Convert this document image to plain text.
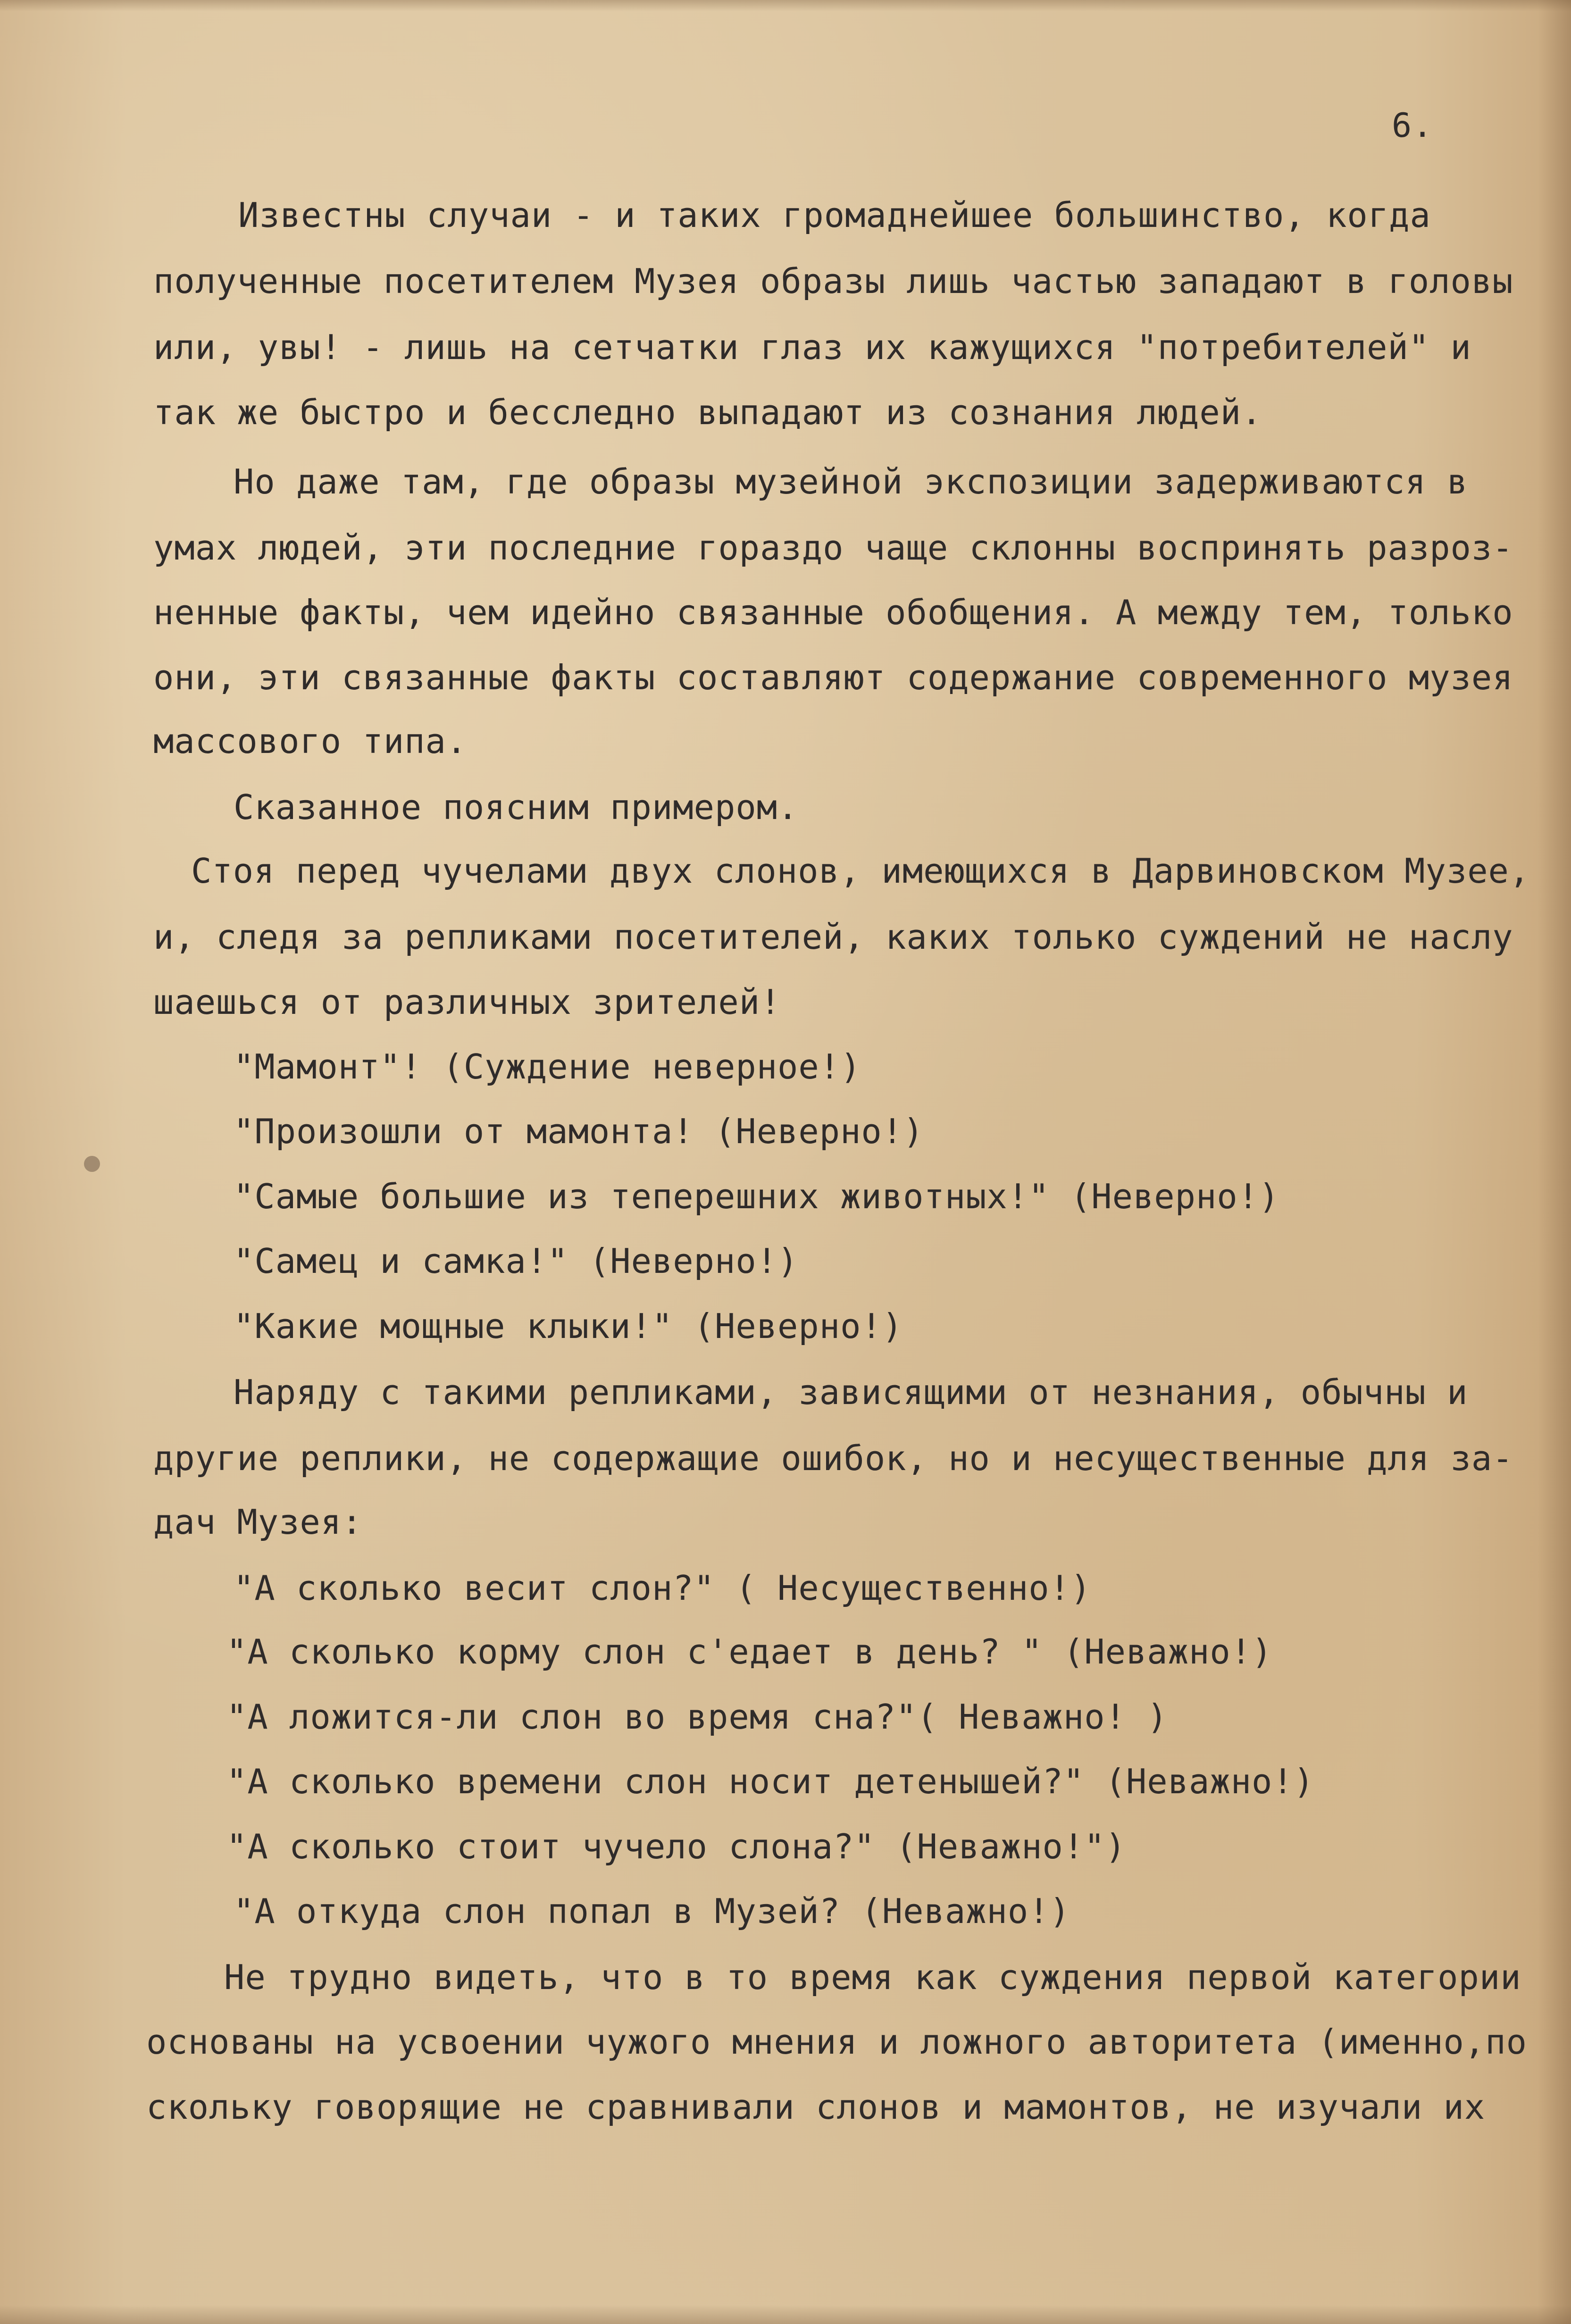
6.
Известны случаи - и таких громаднейшее большинство, когда
полученные посетителем Музея образы лишь частью западают в головы
или, увы! - лишь на сетчатки глаз их кажущихся "потребителей" и
так же быстро и бесследно выпадают из сознания людей.
Но даже там, где образы музейной экспозиции задерживаются в
умах людей, эти последние гораздо чаще склонны воспринять разроз-
ненные факты, чем идейно связанные обобщения. А между тем, только
они, эти связанные факты составляют содержание современного музея
массового типа.
Сказанное поясним примером.
Стоя перед чучелами двух слонов, имеющихся в Дарвиновском Музее,
и, следя за репликами посетителей, каких только суждений не наслу
шаешься от различных зрителей!
"Мамонт"! (Суждение неверное!)
"Произошли от мамонта! (Неверно!)
"Самые большие из теперешних животных!" (Неверно!)
"Самец и самка!" (Неверно!)
"Какие мощные клыки!" (Неверно!)
Наряду с такими репликами, зависящими от незнания, обычны и
другие реплики, не содержащие ошибок, но и несущественные для за-
дач Музея:
"А сколько весит слон?" ( Несущественно!)
"А сколько корму слон с'едает в день? " (Неважно!)
"А ложится-ли слон во время сна?"( Неважно! )
"А сколько времени слон носит детенышей?" (Неважно!)
"А сколько стоит чучело слона?" (Неважно!")
"А откуда слон попал в Музей? (Неважно!)
Не трудно видеть, что в то время как суждения первой категории
основаны на усвоении чужого мнения и ложного авторитета (именно,по
скольку говорящие не сравнивали слонов и мамонтов, не изучали их
